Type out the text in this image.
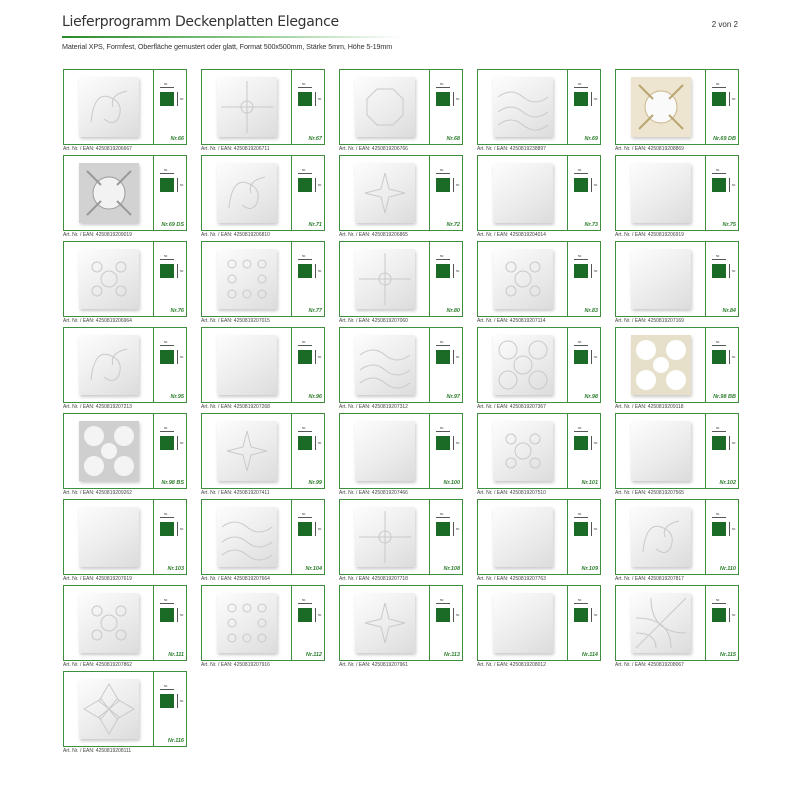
Lieferprogramm Deckenplatten Elegance	2 von 2
Material XPS, Formfest, Oberfläche gemustert oder glatt, Format 500x500mm, Stärke 5mm, Höhe 5-19mm
50
50
Nr.66
Art. Nr. / EAN: 4250819206667
50
50
Nr.67
Art. Nr. / EAN: 4250819206711
50
50
Nr.68
Art. Nr. / EAN: 4250819206766
50
50
Nr.69
Art. Nr. / EAN: 4250819238897
50
50
Nr.69 DB
Art. Nr. / EAN: 4250819208869
50
50
Nr.69 DS
Art. Nr. / EAN: 4250819209019
50
50
Nr.71
Art. Nr. / EAN: 4250819206810
50
50
Nr.72
Art. Nr. / EAN: 4250819206865
50
50
Nr.73
Art. Nr. / EAN: 4250819204014
50
50
Nr.75
Art. Nr. / EAN: 4250819206919
50
50
Nr.76
Art. Nr. / EAN: 4250819206964
50
50
Nr.77
Art. Nr. / EAN: 4250819207015
50
50
Nr.80
Art. Nr. / EAN: 4250819207060
50
50
Nr.83
Art. Nr. / EAN: 4250819207114
50
50
Nr.84
Art. Nr. / EAN: 4250819207169
50
50
Nr.95
Art. Nr. / EAN: 4250819207213
50
50
Nr.96
Art. Nr. / EAN: 4250819207268
50
50
Nr.97
Art. Nr. / EAN: 4250819207312
50
50
Nr.98
Art. Nr. / EAN: 4250819207367
50
50
Nr.98 BB
Art. Nr. / EAN: 4250819209118
50
50
Nr.98 BS
Art. Nr. / EAN: 4250819209262
50
50
Nr.99
Art. Nr. / EAN: 4250819207411
50
50
Nr.100
Art. Nr. / EAN: 4250819207466
50
50
Nr.101
Art. Nr. / EAN: 4250819207510
50
50
Nr.102
Art. Nr. / EAN: 4250819207565
50
50
Nr.103
Art. Nr. / EAN: 4250819207619
50
50
Nr.104
Art. Nr. / EAN: 4250819207664
50
50
Nr.108
Art. Nr. / EAN: 4250819207718
50
50
Nr.109
Art. Nr. / EAN: 4250819207763
50
50
Nr.110
Art. Nr. / EAN: 4250819207817
50
50
Nr.111
Art. Nr. / EAN: 4250819207862
50
50
Nr.112
Art. Nr. / EAN: 4250819207916
50
50
Nr.113
Art. Nr. / EAN: 4250819207961
50
50
Nr.114
Art. Nr. / EAN: 4250819208012
50
50
Nr.115
Art. Nr. / EAN: 4250819208067
50
50
Nr.116
Art. Nr. / EAN: 4250819208111
